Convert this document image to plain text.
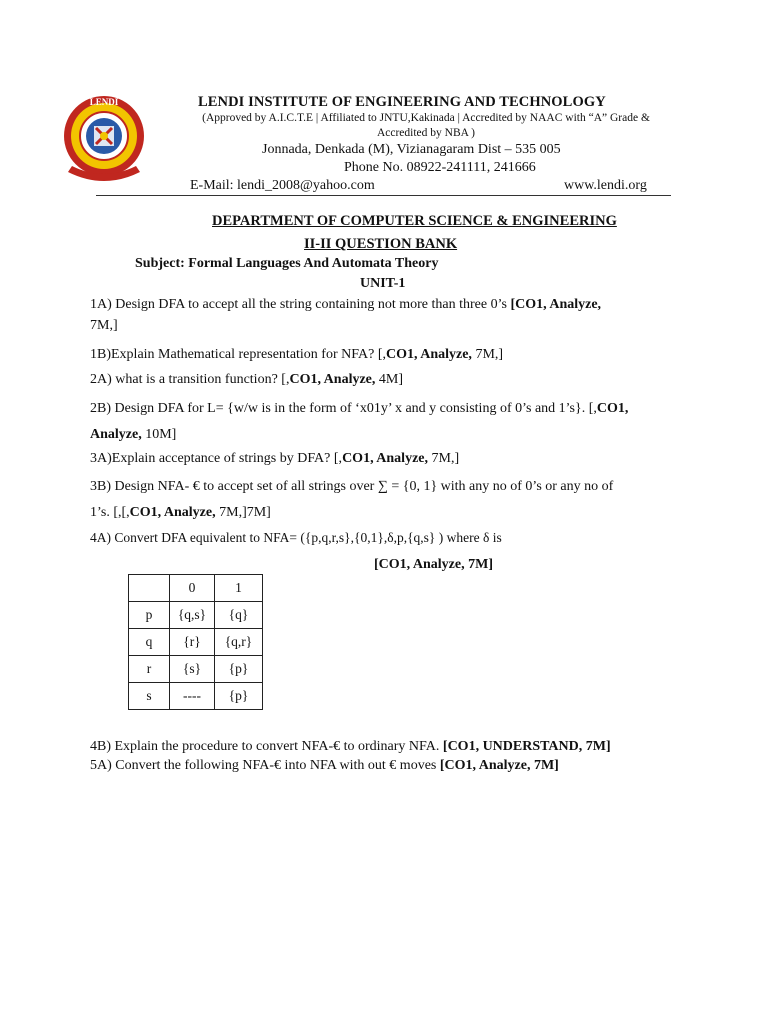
LENDI	LENDI INSTITUTE OF ENGINEERING AND TECHNOLOGY
(Approved by A.I.C.T.E | Affiliated to JNTU,Kakinada | Accredited by NAAC with “A” Grade &
Accredited by NBA )
Jonnada, Denkada (M), Vizianagaram Dist – 535 005
Phone No. 08922-241111, 241666
E-Mail: lendi_2008@yahoo.com	www.lendi.org
DEPARTMENT OF COMPUTER SCIENCE & ENGINEERING
II-II QUESTION BANK
Subject: Formal Languages And Automata Theory
UNIT-1
1A) Design DFA to accept all the string containing not more than three 0’s [CO1, Analyze,
7M,]
1B)Explain Mathematical representation for NFA? [,CO1, Analyze, 7M,]
2A) what is a transition function? [,CO1, Analyze, 4M]
2B) Design DFA for L= {w/w is in the form of ‘x01y’ x and y consisting of 0’s and 1’s}. [,CO1,
Analyze, 10M]
3A)Explain acceptance of strings by DFA? [,CO1, Analyze, 7M,]
3B) Design NFA- € to accept set of all strings over ∑ = {0, 1} with any no of 0’s or any no of
1’s. [,[,CO1, Analyze, 7M,]7M]
4A) Convert DFA equivalent to NFA= ({p,q,r,s},{0,1},δ,p,{q,s} ) where δ is
[CO1, Analyze, 7M]
	0	1
p	{q,s}	{q}
q	{r}	{q,r}
r	{s}	{p}
s	----	{p}
4B) Explain the procedure to convert NFA-€ to ordinary NFA. [CO1, UNDERSTAND, 7M]
5A) Convert the following NFA-€ into NFA with out € moves [CO1, Analyze, 7M]
